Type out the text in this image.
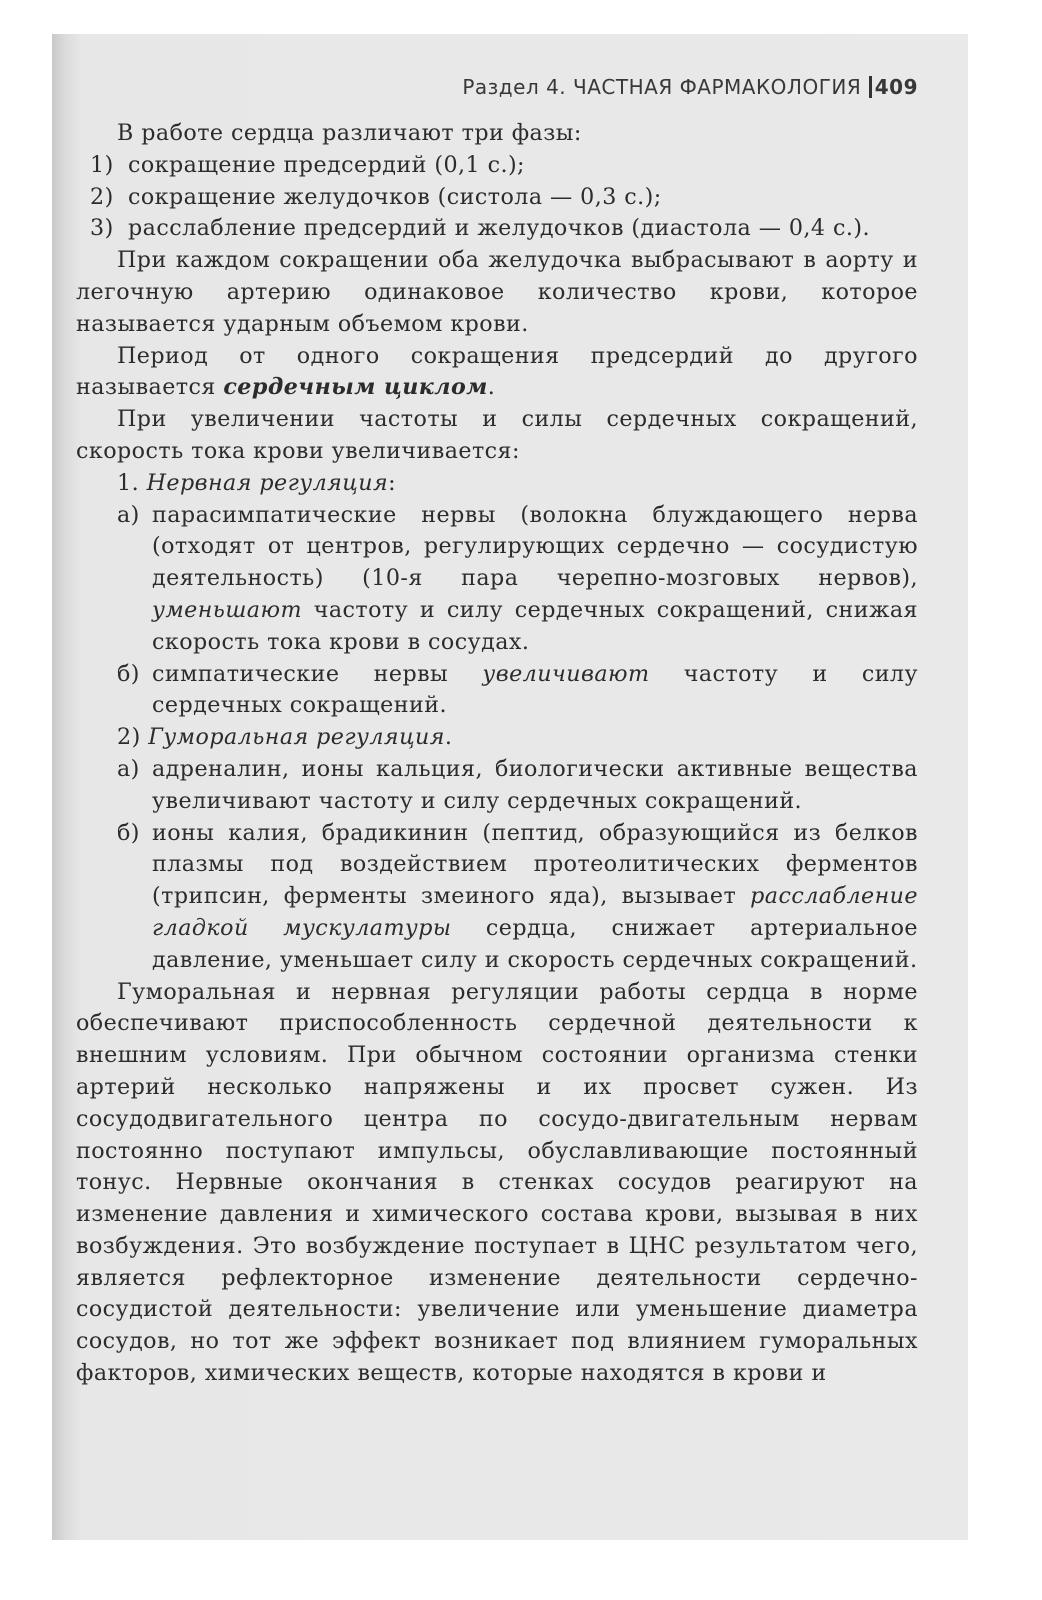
Раздел 4. ЧАСТНАЯ ФАРМАКОЛОГИЯ 409

В работе сердца различают три фазы:

1) сокращение предсердий (0,1 с.);
2) сокращение желудочков (систола — 0,3 с.);
3) расслабление предсердий и желудочков (диастола — 0,4 с.).

При каждом сокращении оба желудочка выбрасывают в аорту и легочную артерию одинаковое количество крови, которое называется ударным объемом крови.

Период от одного сокращения предсердий до другого называется сердечным циклом.

При увеличении частоты и силы сердечных сокращений, скорость тока крови увеличивается:

1. Нервная регуляция:
а) парасимпатические нервы (волокна блуждающего нерва (отходят от центров, регулирующих сердечно — сосудистую деятельность) (10-я пара черепно-мозговых нервов), уменьшают частоту и силу сердечных сокращений, снижая скорость тока крови в сосудах.
б) симпатические нервы увеличивают частоту и силу сердечных сокращений.
2) Гуморальная регуляция.
а) адреналин, ионы кальция, биологически активные вещества увеличивают частоту и силу сердечных сокращений.
б) ионы калия, брадикинин (пептид, образующийся из белков плазмы под воздействием протеолитических ферментов (трипсин, ферменты змеиного яда), вызывает расслабление гладкой мускулатуры сердца, снижает артериальное давление, уменьшает силу и скорость сердечных сокращений.

Гуморальная и нервная регуляции работы сердца в норме обеспечивают приспособленность сердечной деятельности к внешним условиям. При обычном состоянии организма стенки артерий несколько напряжены и их просвет сужен. Из сосудодвигательного центра по сосудо-двигательным нервам постоянно поступают импульсы, обуславливающие постоянный тонус. Нервные окончания в стенках сосудов реагируют на изменение давления и химического состава крови, вызывая в них возбуждения. Это возбуждение поступает в ЦНС результатом чего, является рефлекторное изменение деятельности сердечно-сосудистой деятельности: увеличение или уменьшение диаметра сосудов, но тот же эффект возникает под влиянием гуморальных факторов, химических веществ, которые находятся в крови и
